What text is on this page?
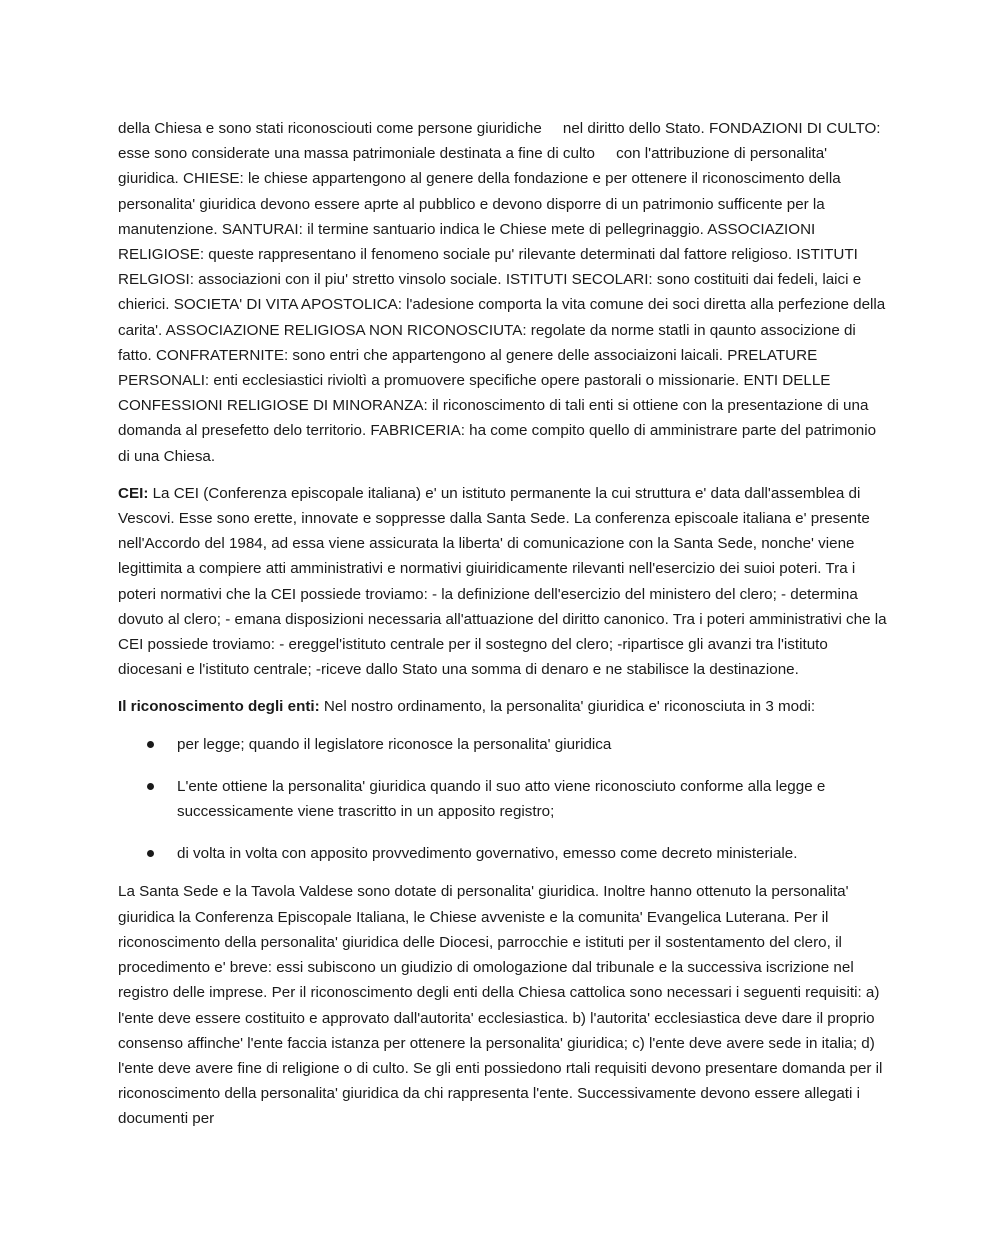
della Chiesa e sono stati riconosciouti come persone giuridiche     nel diritto dello Stato. FONDAZIONI DI CULTO: esse sono considerate una massa patrimoniale destinata a fine di culto     con l'attribuzione di personalita' giuridica. CHIESE: le chiese appartengono al genere della fondazione e per ottenere il riconoscimento della personalita' giuridica devono essere aprte al pubblico e devono disporre di un patrimonio sufficente per la manutenzione. SANTURAI: il termine santuario indica le Chiese mete di pellegrinaggio. ASSOCIAZIONI RELIGIOSE: queste rappresentano il fenomeno sociale pu' rilevante determinati dal fattore religioso. ISTITUTI RELGIOSI: associazioni con il piu' stretto vinsolo sociale. ISTITUTI SECOLARI: sono costituiti dai fedeli, laici e chierici. SOCIETA' DI VITA APOSTOLICA: l'adesione comporta la vita comune dei soci diretta alla perfezione della carita'. ASSOCIAZIONE RELIGIOSA NON RICONOSCIUTA: regolate da norme statli in qaunto associzione di fatto. CONFRATERNITE: sono entri che appartengono al genere delle associaizoni laicali. PRELATURE PERSONALI: enti ecclesiastici rivioltì a promuovere specifiche opere pastorali o missionarie. ENTI DELLE CONFESSIONI RELIGIOSE DI MINORANZA: il riconoscimento di tali enti si ottiene con la presentazione di una domanda al presefetto delo territorio. FABRICERIA: ha come compito quello di amministrare parte del patrimonio di una Chiesa.

CEI: La CEI (Conferenza episcopale italiana) e' un istituto permanente la cui struttura e' data dall'assemblea di Vescovi. Esse sono erette, innovate e soppresse dalla Santa Sede. La conferenza episcoale italiana e' presente nell'Accordo del 1984, ad essa viene assicurata la liberta' di comunicazione con la Santa Sede, nonche' viene legittimita a compiere atti amministrativi e normativi giuiridicamente rilevanti nell'esercizio dei suioi poteri. Tra i poteri normativi che la CEI possiede troviamo: - la definizione dell'esercizio del ministero del clero; - determina dovuto al clero; - emana disposizioni necessaria all'attuazione del diritto canonico. Tra i poteri amministrativi che la CEI possiede troviamo: - ereggel'istituto centrale per il sostegno del clero; -ripartisce gli avanzi tra l'istituto diocesani e l'istituto centrale; -riceve dallo Stato una somma di denaro e ne stabilisce la destinazione.

Il riconoscimento degli enti: Nel nostro ordinamento, la personalita' giuridica e' riconosciuta in 3 modi:

per legge; quando il legislatore riconosce la personalita' giuridica
L'ente ottiene la personalita' giuridica quando il suo atto viene riconosciuto conforme alla legge e successicamente viene trascritto in un apposito registro;
di volta in volta con apposito provvedimento governativo, emesso come decreto ministeriale.

La Santa Sede e la Tavola Valdese sono dotate di personalita' giuridica. Inoltre hanno ottenuto la personalita' giuridica la Conferenza Episcopale Italiana, le Chiese avveniste e la comunita' Evangelica Luterana. Per il riconoscimento della personalita' giuridica delle Diocesi, parrocchie e istituti per il sostentamento del clero, il procedimento e' breve: essi subiscono un giudizio di omologazione dal tribunale e la successiva iscrizione nel registro delle imprese. Per il riconoscimento degli enti della Chiesa cattolica sono necessari i seguenti requisiti: a) l'ente deve essere costituito e approvato dall'autorita' ecclesiastica. b) l'autorita' ecclesiastica deve dare il proprio consenso affinche' l'ente faccia istanza per ottenere la personalita' giuridica; c) l'ente deve avere sede in italia; d) l'ente deve avere fine di religione o di culto. Se gli enti possiedono rtali requisiti devono presentare domanda per il riconoscimento della personalita' giuridica da chi rappresenta l'ente. Successivamente devono essere allegati i documenti per
